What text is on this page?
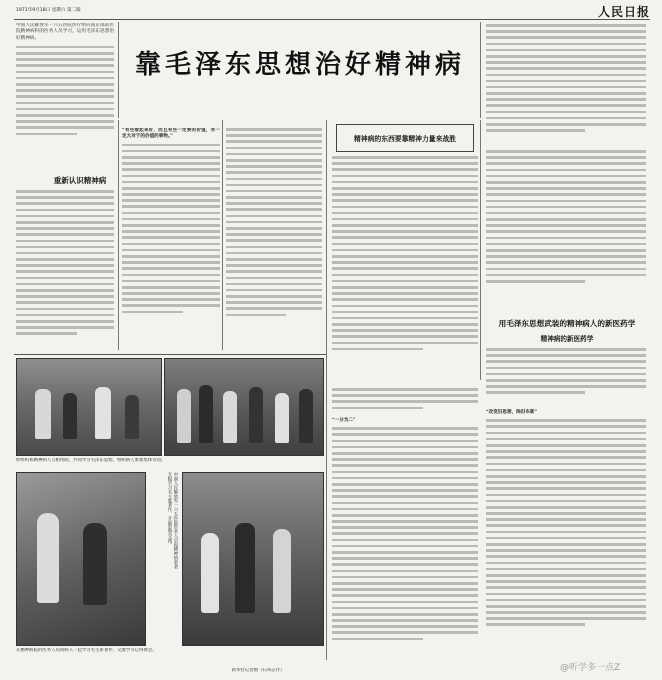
1971年9月18日 星期六 第二版	人民日报
中国人民解放军一六五医院医疗组向南京部队医院精神病科的医务人员学习，运用毛泽东思想治好精神病。
靠毛泽东思想治好精神病
重新认识精神病
“有些看起来好，而且有些一定要的价值，有一定大对于的价值的事物。”	精神病的东西要靠精神力量来战胜
用毛泽东思想武装的精神病人的新医药学
精神病的新医药学
“改变旧思想，除旧布新”
“一分为二”
经组织和精神病人互相帮助，共同学习毛泽东思想，组织病人参加集体劳动。
中国人民解放军一六五医院医务人员和精神病患者互相学习毛主席著作，开展思想交流。
在精神病院的医务人员同病人一起学习毛主席著作，交流学习心得体会。
新华社记者摄（石凤志作）	@听学多一点Z
